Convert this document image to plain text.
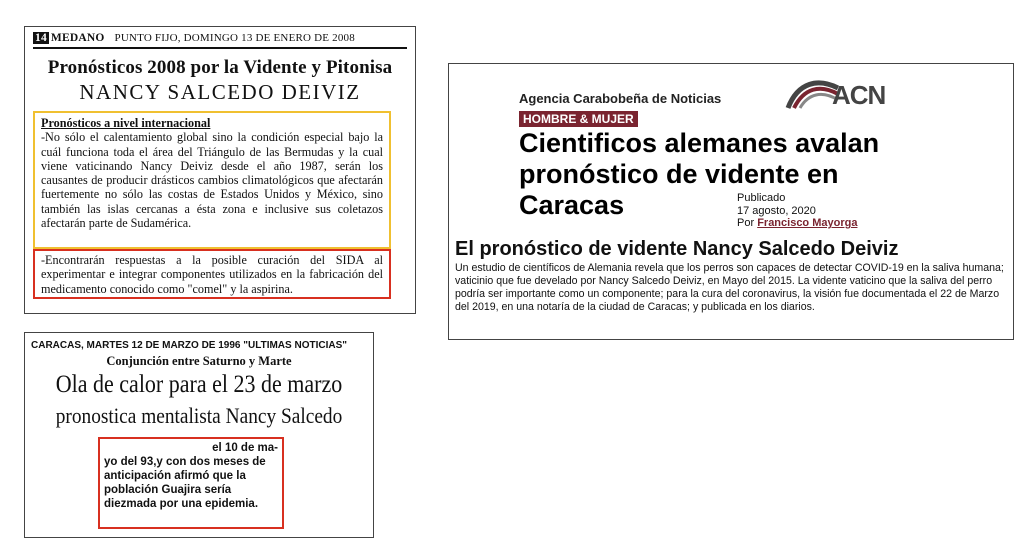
14 MEDANO PUNTO FIJO, DOMINGO 13 DE ENERO DE 2008
Pronósticos 2008 por la Vidente y Pitonisa
NANCY SALCEDO DEIVIZ
Pronósticos a nivel internacional
-No sólo el calentamiento global sino la condición especial bajo la cuál funciona toda el área del Triángulo de las Bermudas y la cual viene vaticinando Nancy Deiviz desde el año 1987, serán los causantes de producir drásticos cambios climatológicos que afectarán fuertemente no sólo las costas de Estados Unidos y México, sino también las islas cercanas a ésta zona e inclusive sus coletazos afectarán parte de Sudamérica.
-Encontrarán respuestas a la posible curación del SIDA al experimentar e integrar componentes utilizados en la fabricación del medicamento conocido como "comel" y la aspirina.
CARACAS, MARTES 12 DE MARZO DE 1996 "ULTIMAS NOTICIAS"
Conjunción entre Saturno y Marte
Ola de calor para el 23 de marzo
pronostica mentalista Nancy Salcedo
el 10 de ma-
yo del 93,y con dos meses de anticipación afirmó que la población Guajira sería diezmada por una epidemia.
Agencia Carabobeña de Noticias	ACN
HOMBRE & MUJER
Cientificos alemanes avalan pronóstico de vidente en Caracas	Publicado
17 agosto, 2020
Por Francisco Mayorga
El pronóstico de vidente Nancy Salcedo Deiviz
Un estudio de científicos de Alemania revela que los perros son capaces de detectar COVID-19 en la saliva humana; vaticinio que fue develado por Nancy Salcedo Deiviz, en Mayo del 2015. La vidente vaticino que la saliva del perro podría ser importante como un componente; para la cura del coronavirus, la visión fue documentada el 22 de Marzo del 2019, en una notaría de la ciudad de Caracas; y publicada en los diarios.
